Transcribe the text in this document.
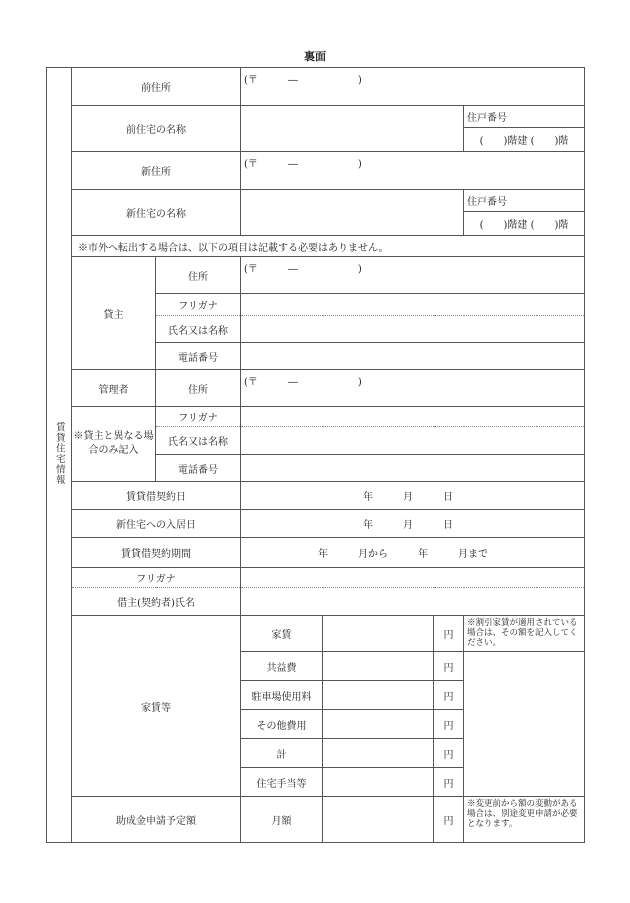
裏面
賃貸住宅情報	前住所		(〒　　　―　　　　　　)				
	前住宅の名称					住戸番号	
						(　　)階建 (　　)階	
	新住所		(〒　　　―　　　　　　)				
	新住宅の名称					住戸番号	
						(　　)階建 (　　)階	
	※市外へ転出する場合は、以下の項目は記載する必要はありません。						
	貸主	住所	(〒　　　―　　　　　　)				
		フリガナ					
		氏名又は名称					
		電話番号					
	管理者	住所	(〒　　　―　　　　　　)				
	※貸主と異なる場合のみ記入	フリガナ					
		氏名又は名称					
		電話番号					
	賃貸借契約日		年　　　月　　　日				
	新住宅への入居日		年　　　月　　　日				
	賃貸借契約期間		年　　　月から　　　年　　　月まで				
	フリガナ						
	借主(契約者)氏名						
	家賃等		家賃		円	※割引家賃が適用されている場合は、その額を記入してください。	
			共益費		円		
			駐車場使用料		円		
			その他費用		円		
			計		円		
			住宅手当等		円		
	助成金申請予定額		月額		円	※変更前から額の変動がある場合は、別途変更申請が必要となります。	
